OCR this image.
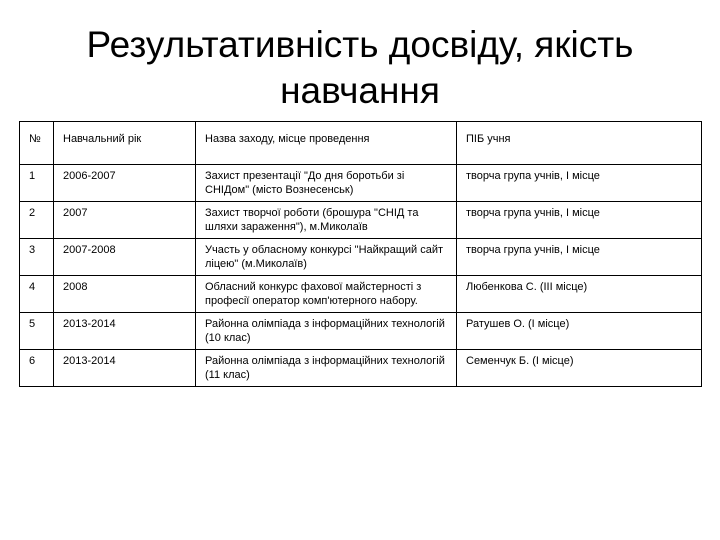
Результативність досвіду, якість
навчання
№	Навчальний рік	Назва заходу, місце проведення	ПІБ учня
1	2006-2007	Захист презентації "До дня боротьби зі СНІДом" (місто Вознесенськ)	творча група учнів, І місце
2	2007	Захист творчої роботи (брошура "СНІД та шляхи зараження"), м.Миколаїв	творча група учнів, І місце
3	2007-2008	Участь у обласному конкурсі "Найкращий сайт ліцею" (м.Миколаїв)	творча група учнів, І місце
4	2008	Обласний конкурс фахової майстерності з професії оператор комп'ютерного набору.	Любенкова С. (ІІІ місце)
5	2013-2014	Районна олімпіада з інформаційних технологій (10 клас)	Ратушев О. (І місце)
6	2013-2014	Районна олімпіада з інформаційних технологій (11 клас)	Семенчук Б. (І місце)
